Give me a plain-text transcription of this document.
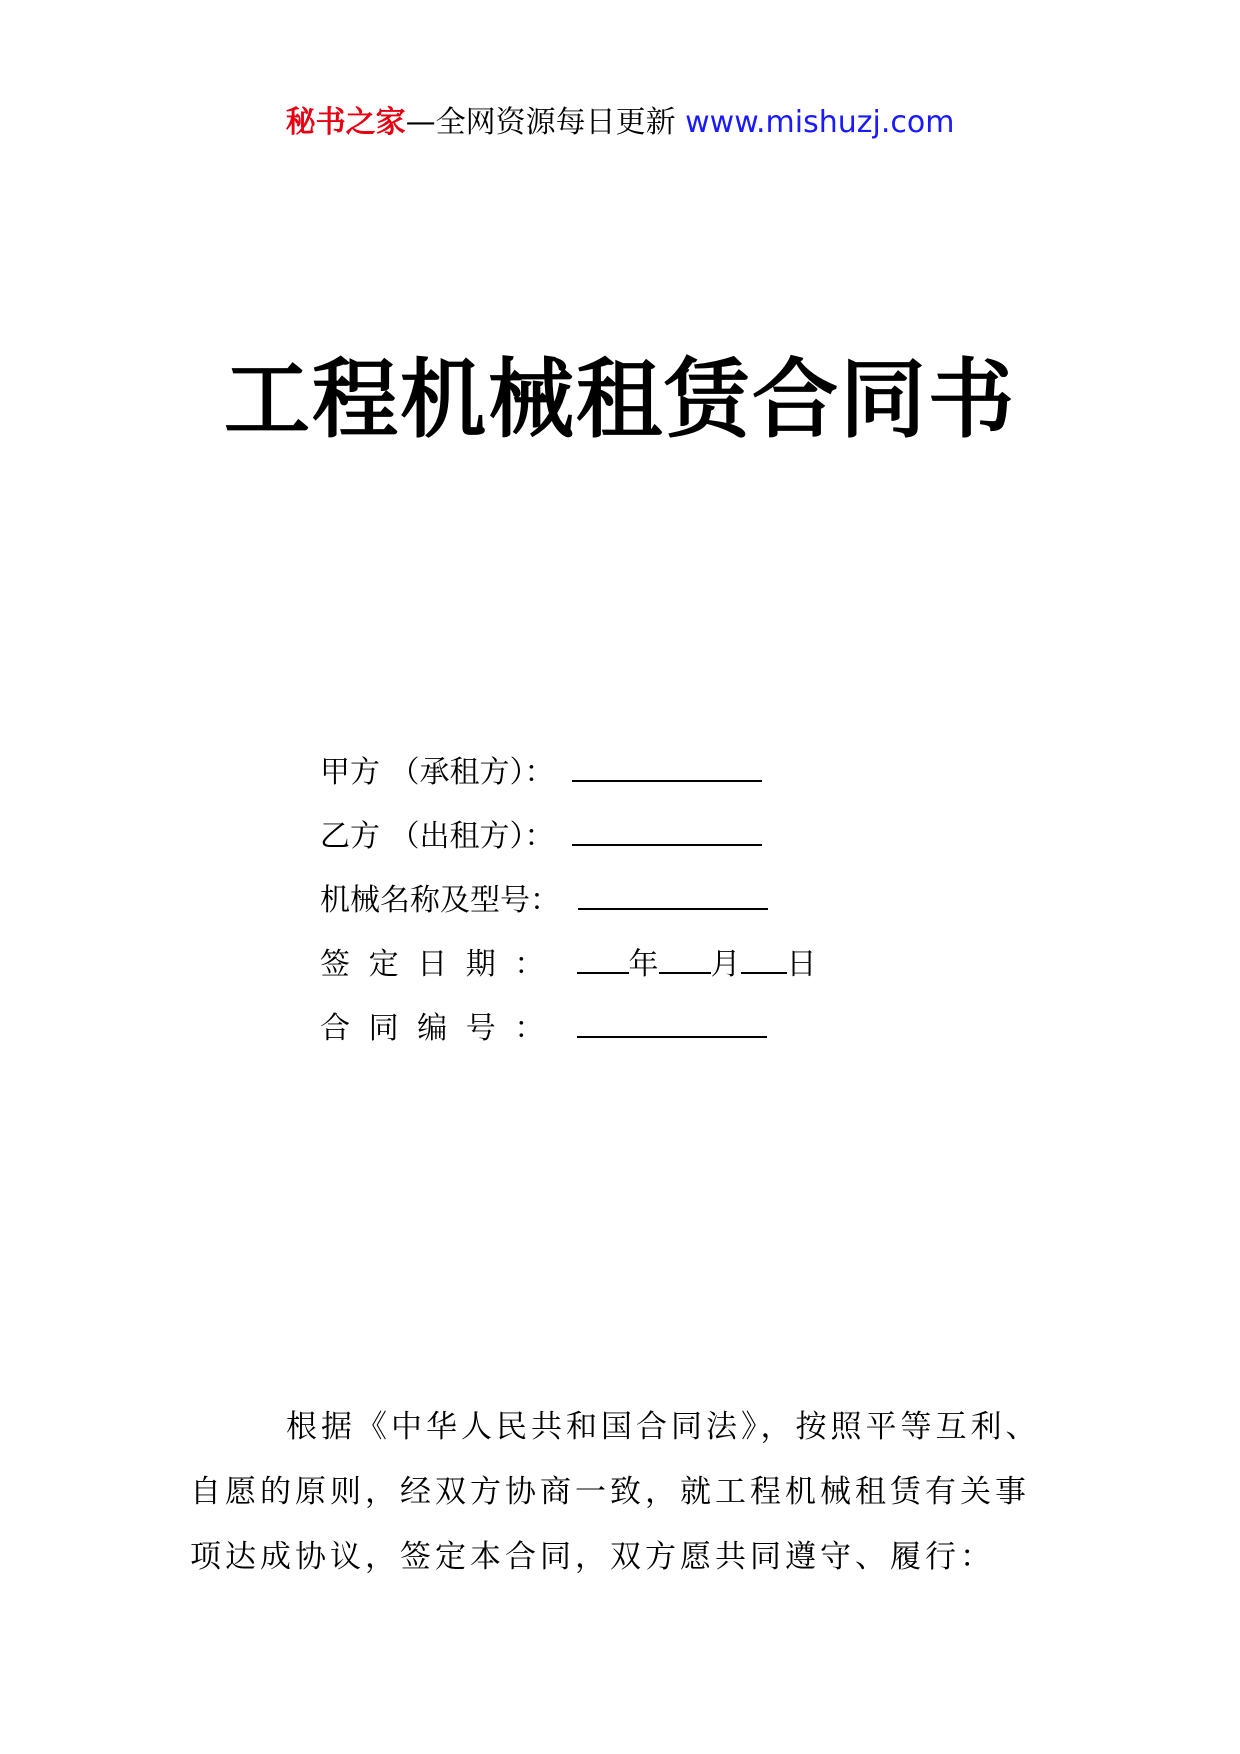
秘书之家—全网资源每日更新 www.mishuzj.com
工程机械租赁合同书
甲方 （承租方）：
乙方 （出租方）：
机械名称及型号：
签定日期： 年 月 日
合同编号：
根据《中华人民共和国合同法》，按照平等互利、
自愿的原则，经双方协商一致，就工程机械租赁有关事
项达成协议，签定本合同，双方愿共同遵守、履行：
